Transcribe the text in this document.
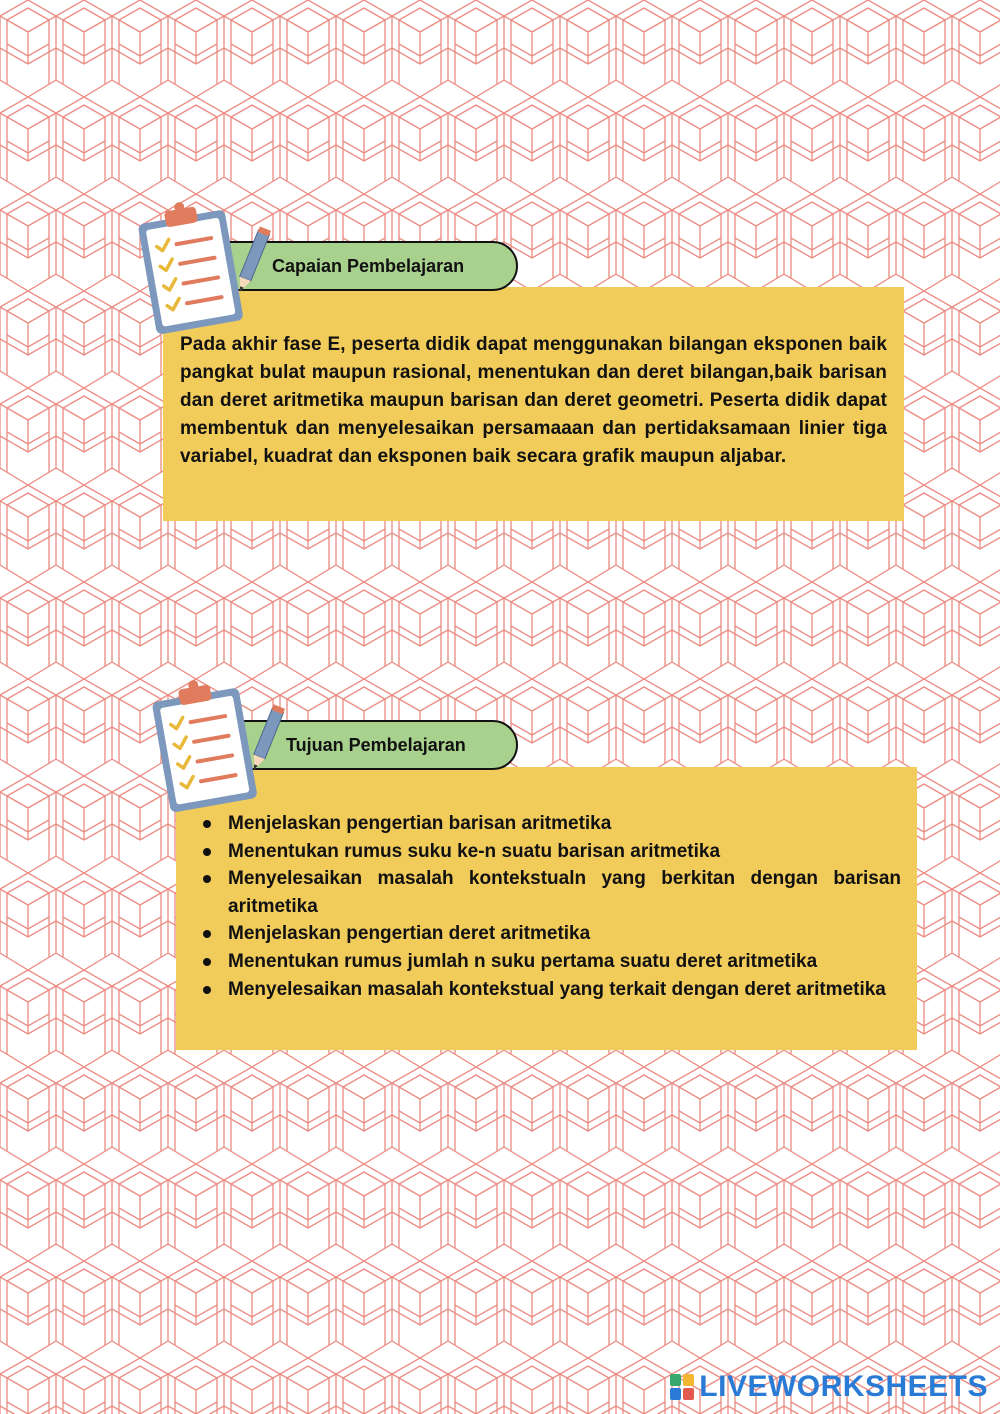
Pada akhir fase E, peserta didik dapat menggunakan bilangan eksponen baik pangkat bulat maupun rasional, menentukan dan deret bilangan,baik barisan dan deret aritmetika maupun barisan dan deret geometri. Peserta didik dapat membentuk dan menyelesaikan persamaaan dan pertidaksamaan linier tiga variabel, kuadrat dan eksponen baik secara grafik maupun aljabar.

Capaian Pembelajaran
Menjelaskan pengertian barisan aritmetika
Menentukan rumus suku ke-n suatu barisan aritmetika
Menyelesaikan masalah kontekstualn yang berkitan dengan barisan aritmetika
Menjelaskan pengertian deret aritmetika
Menentukan rumus jumlah n suku pertama suatu deret aritmetika
Menyelesaikan masalah kontekstual yang terkait dengan deret aritmetika
Tujuan Pembelajaran
LIVEWORKSHEETS
